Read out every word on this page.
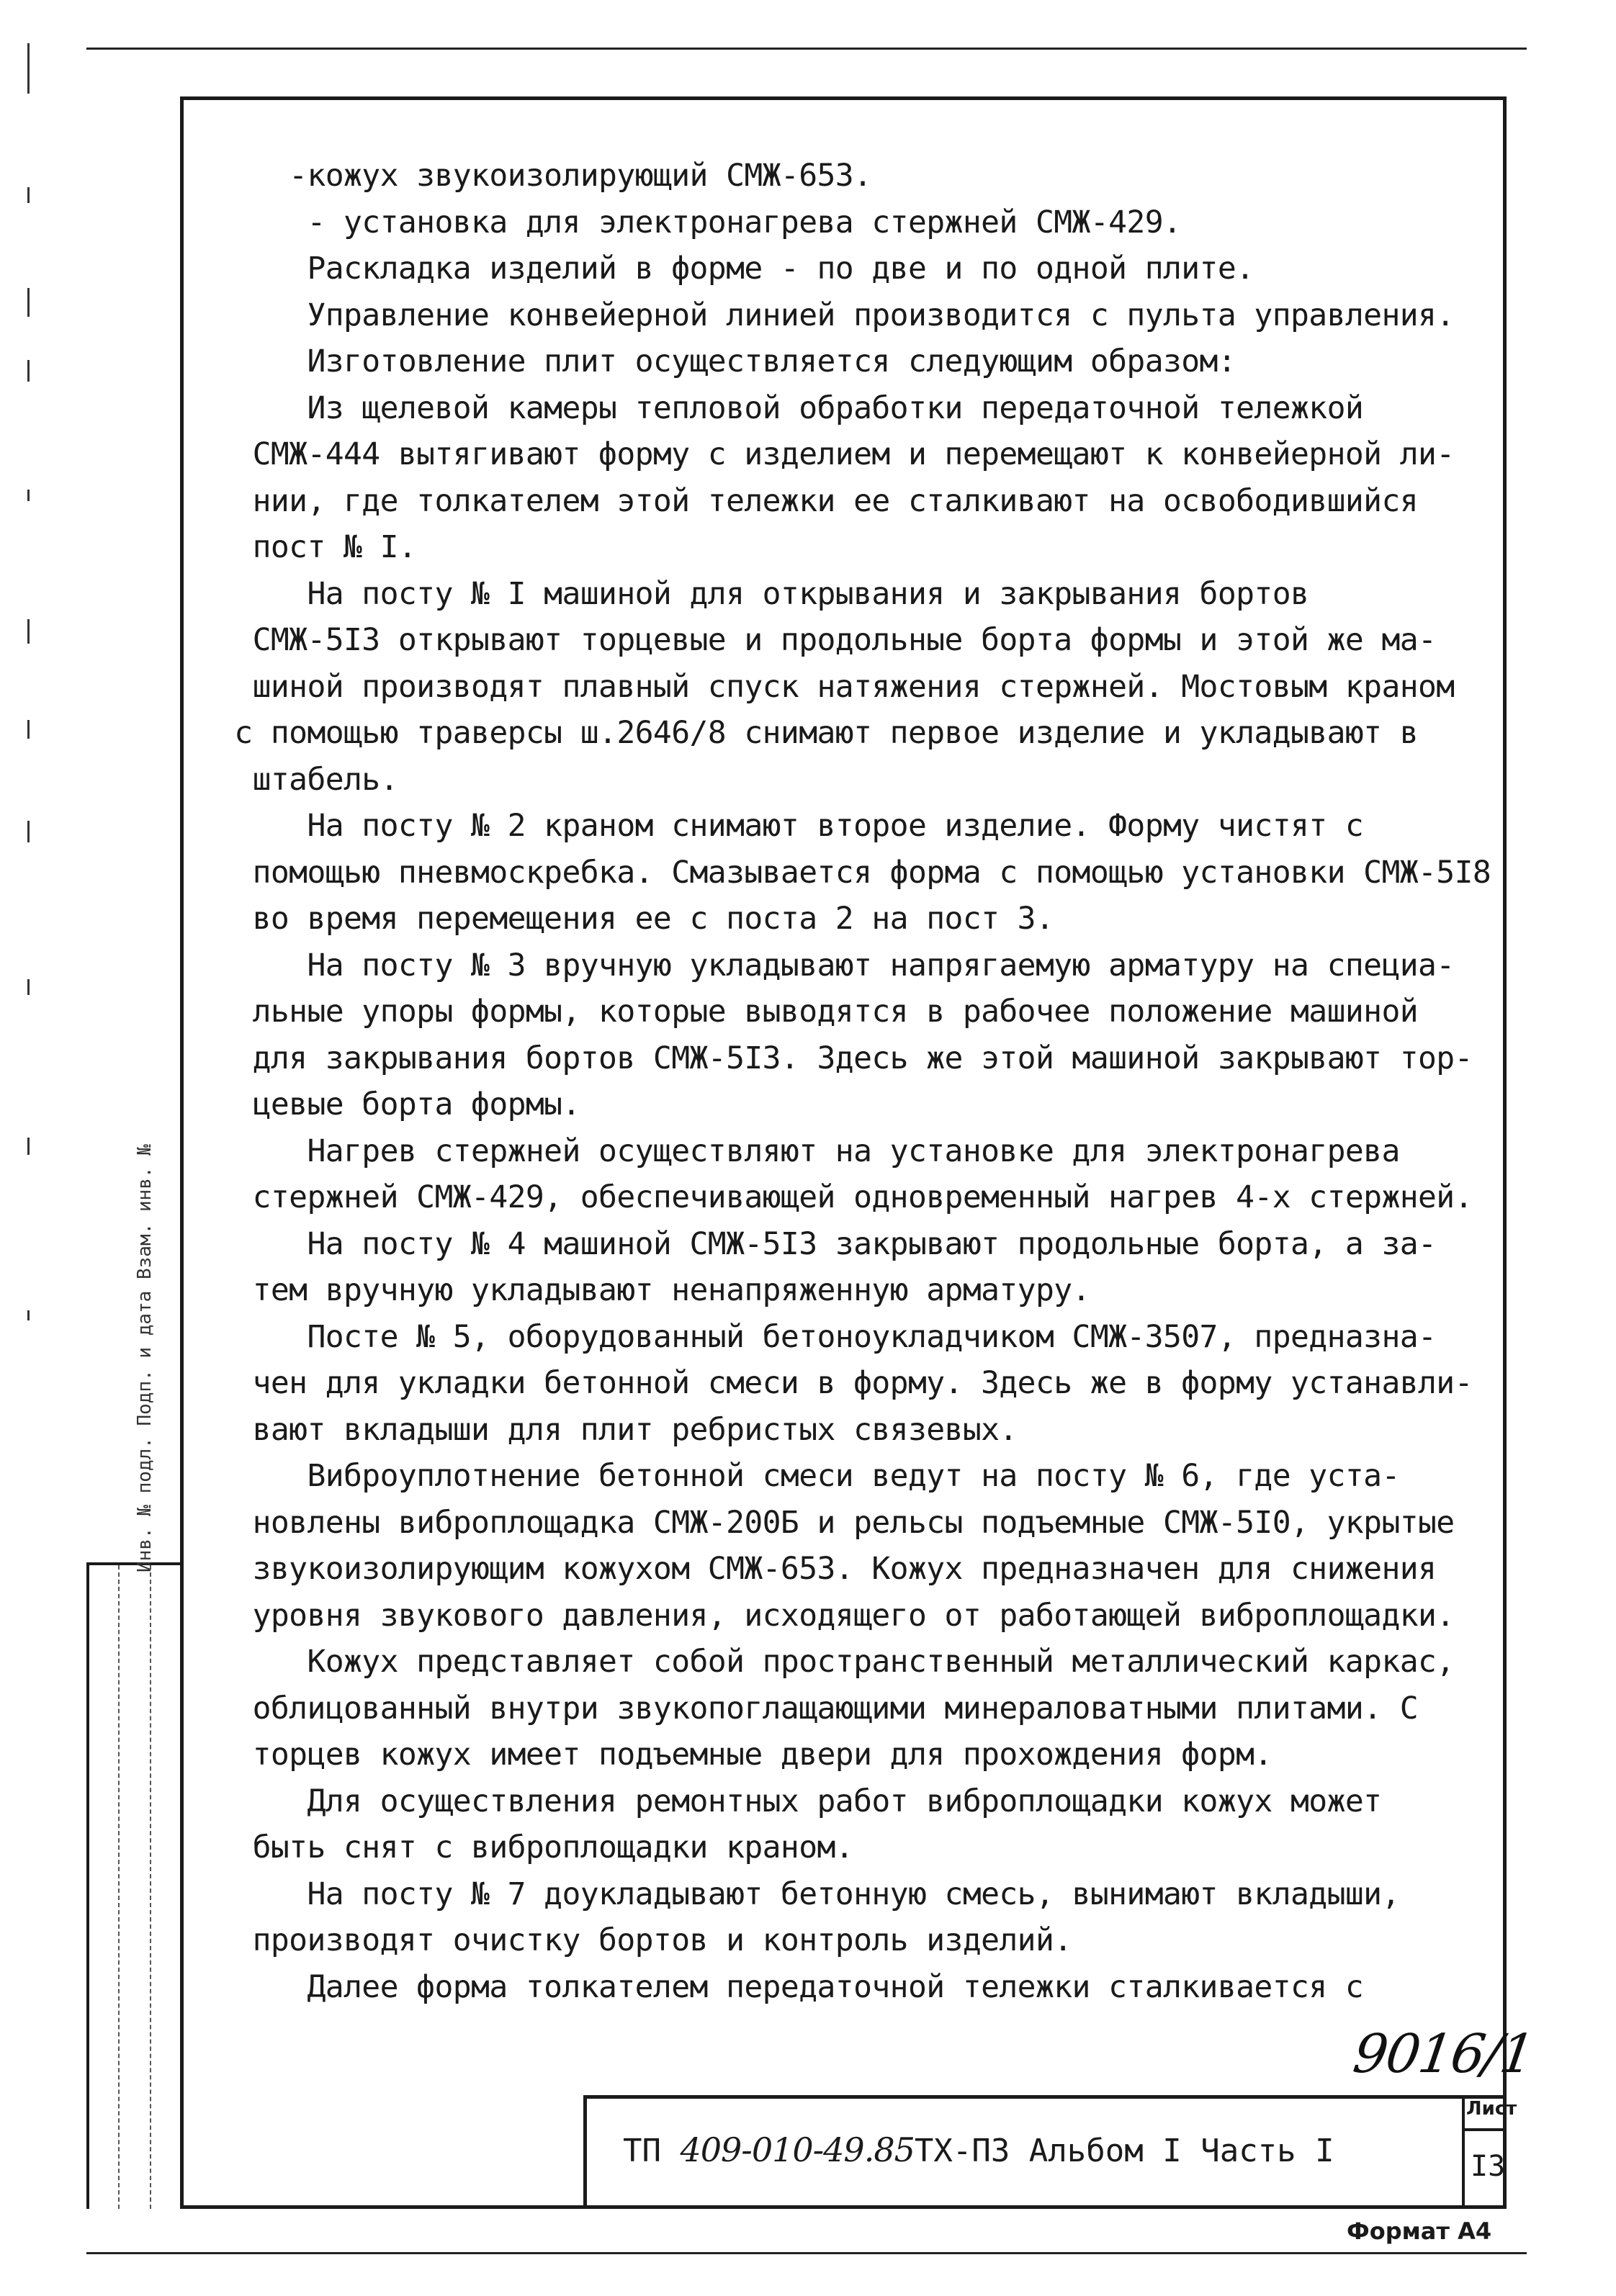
Инв. № подл. Подп. и дата Взам. инв. №
-кожух звукоизолирующий СМЖ-653.
- установка для электронагрева стержней СМЖ-429.
Раскладка изделий в форме - по две и по одной плите.
Управление конвейерной линией производится с пульта управления.
Изготовление плит осуществляется следующим образом:
Из щелевой камеры тепловой обработки передаточной тележкой
СМЖ-444 вытягивают форму с изделием и перемещают к конвейерной ли-
нии, где толкателем этой тележки ее сталкивают на освободившийся
пост № I.
На посту № I машиной для открывания и закрывания бортов
СМЖ-5I3 открывают торцевые и продольные борта формы и этой же ма-
шиной производят плавный спуск натяжения стержней. Мостовым краном
с помощью траверсы ш.2646/8 снимают первое изделие и укладывают в
штабель.
На посту № 2 краном снимают второе изделие. Форму чистят с
помощью пневмоскребка. Смазывается форма с помощью установки СМЖ-5I8
во время перемещения ее с поста 2 на пост 3.
На посту № 3 вручную укладывают напрягаемую арматуру на специа-
льные упоры формы, которые выводятся в рабочее положение машиной
для закрывания бортов СМЖ-5I3. Здесь же этой машиной закрывают тор-
цевые борта формы.
Нагрев стержней осуществляют на установке для электронагрева
стержней СМЖ-429, обеспечивающей одновременный нагрев 4-х стержней.
На посту № 4 машиной СМЖ-5I3 закрывают продольные борта, а за-
тем вручную укладывают ненапряженную арматуру.
Посте № 5, оборудованный бетоноукладчиком СМЖ-3507, предназна-
чен для укладки бетонной смеси в форму. Здесь же в форму устанавли-
вают вкладыши для плит ребристых связевых.
Виброуплотнение бетонной смеси ведут на посту № 6, где уста-
новлены виброплощадка СМЖ-200Б и рельсы подъемные СМЖ-5I0, укрытые
звукоизолирующим кожухом СМЖ-653. Кожух предназначен для снижения
уровня звукового давления, исходящего от работающей виброплощадки.
Кожух представляет собой пространственный металлический каркас,
облицованный внутри звукопоглащающими минераловатными плитами. С
торцев кожух имеет подъемные двери для прохождения форм.
Для осуществления ремонтных работ виброплощадки кожух может
быть снят с виброплощадки краном.
На посту № 7 доукладывают бетонную смесь, вынимают вкладыши,
производят очистку бортов и контроль изделий.
Далее форма толкателем передаточной тележки сталкивается с
9016/1
ТП 409-010-49.85ТХ-ПЗ Альбом I Часть I
Лист
I3
Формат А4
